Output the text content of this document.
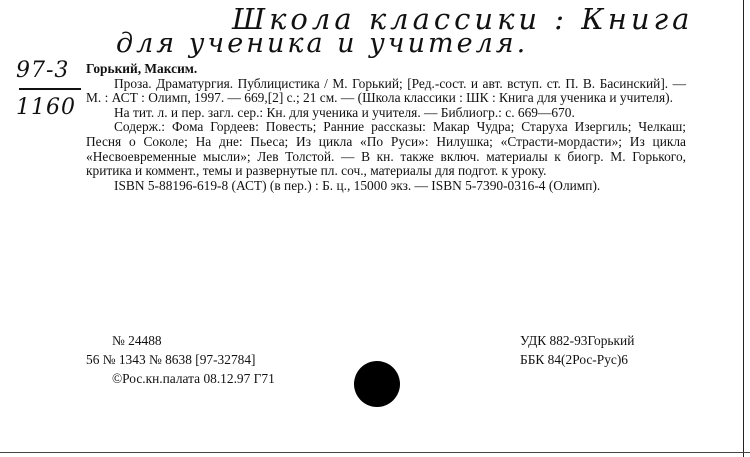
Школа классики : Книга
для ученика и учителя.
97-3
1160

Горький, Максим.

Проза. Драматургия. Публицистика / М. Горький; [Ред.-сост. и авт. вступ. ст. П. В. Басинский]. — М. : АСТ : Олимп, 1997. — 669,[2] с.; 21 см. — (Школа классики : ШК : Книга для ученика и учителя).

На тит. л. и пер. загл. сер.: Кн. для ученика и учителя. — Библиогр.: с. 669—670.

Содерж.: Фома Гордеев: Повесть; Ранние рассказы: Макар Чудра; Старуха Изергиль; Челкаш; Песня о Соколе; На дне: Пьеса; Из цикла «По Руси»: Нилушка; «Страсти-мордасти»; Из цикла «Несвоевременные мысли»; Лев Толстой. — В кн. также включ. материалы к биогр. М. Горького, критика и коммент., темы и развернутые пл. соч., материалы для подгот. к уроку.

ISBN 5-88196-619-8 (АСТ) (в пер.) : Б. ц., 15000 экз. — ISBN 5-7390-0316-4 (Олимп).

№ 24488
56 № 1343 № 8638 [97-32784]
©Рос.кн.палата 08.12.97 Г71
УДК 882-93Горький
ББК 84(2Рос-Рус)6
